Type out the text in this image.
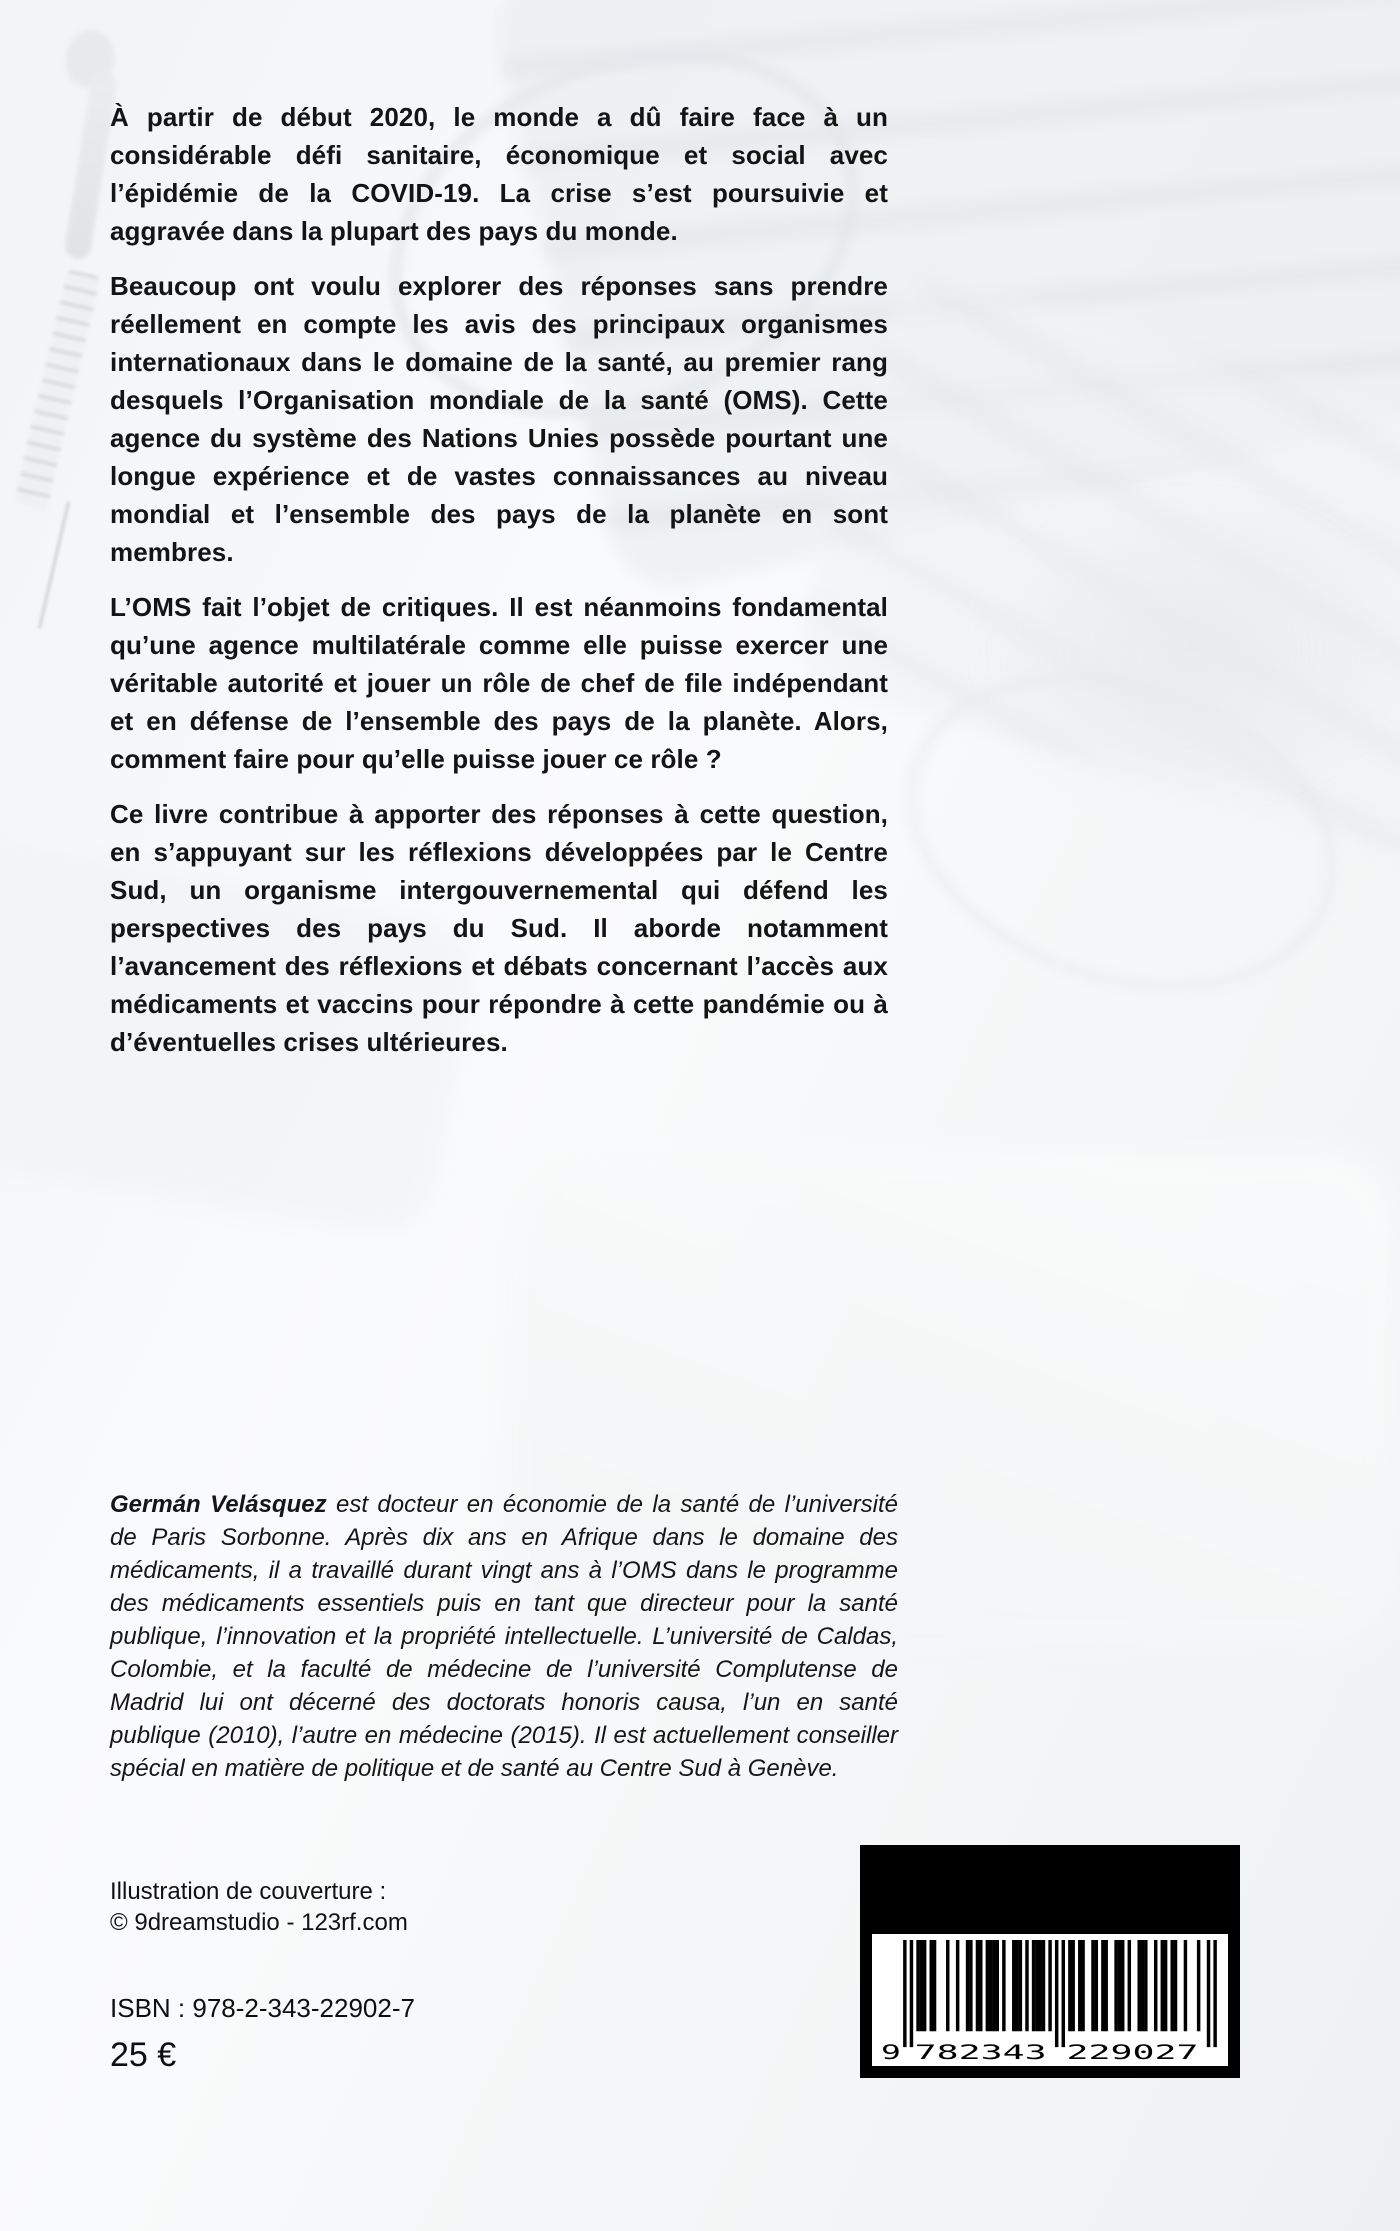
À partir de début 2020, le monde a dû faire face à un considérable défi sanitaire, économique et social avec l’épidémie de la COVID-19. La crise s’est poursuivie et aggravée dans la plupart des pays du monde.

Beaucoup ont voulu explorer des réponses sans prendre réellement en compte les avis des principaux organismes internationaux dans le domaine de la santé, au premier rang desquels l’Organisation mondiale de la santé (OMS). Cette agence du système des Nations Unies possède pourtant une longue expérience et de vastes connaissances au niveau mondial et l’ensemble des pays de la planète en sont membres.

L’OMS fait l’objet de critiques. Il est néanmoins fondamental qu’une agence multilatérale comme elle puisse exercer une véritable autorité et jouer un rôle de chef de file indépendant et en défense de l’ensemble des pays de la planète. Alors, comment faire pour qu’elle puisse jouer ce rôle ?

Ce livre contribue à apporter des réponses à cette question, en s’appuyant sur les réflexions développées par le Centre Sud, un organisme intergouvernemental qui défend les perspectives des pays du Sud. Il aborde notamment l’avancement des réflexions et débats concernant l’accès aux médicaments et vaccins pour répondre à cette pandémie ou à d’éventuelles crises ultérieures.

Germán Velásquez est docteur en économie de la santé de l’université de Paris Sorbonne. Après dix ans en Afrique dans le domaine des médicaments, il a travaillé durant vingt ans à l’OMS dans le programme des médicaments essentiels puis en tant que directeur pour la santé publique, l’innovation et la propriété intellectuelle. L’université de Caldas, Colombie, et la faculté de médecine de l’université Complutense de Madrid lui ont décerné des doctorats honoris causa, l’un en santé publique (2010), l’autre en médecine (2015). Il est actuellement conseiller spécial en matière de politique et de santé au Centre Sud à Genève.
Illustration de couverture :
© 9dreamstudio - 123rf.com
ISBN : 978-2-343-22902-7
25 €	9 782343 229027
